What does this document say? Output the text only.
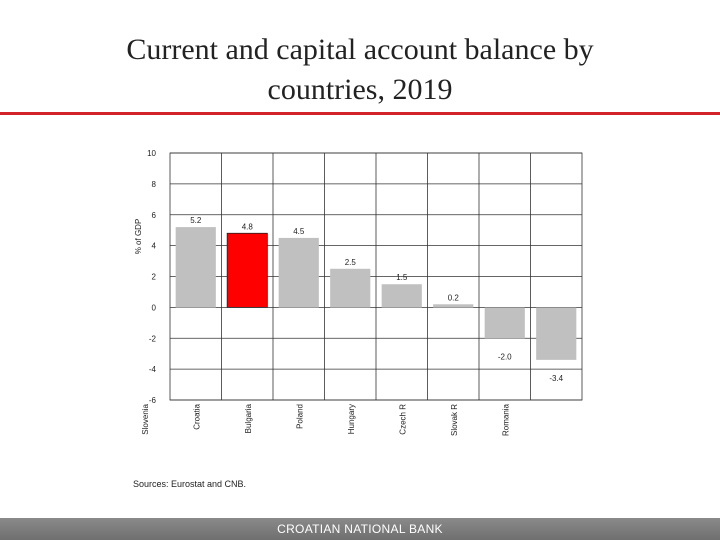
Current and capital account balance by
countries, 2019
10
8
6
4
2
0
-2
-4
-6
% of GDP	5.2
Slovenia
4.8
Croatia
4.5
Bulgaria
2.5
Poland
1.5
Hungary
0.2
Czech R
-2.0
Slovak R
-3.4
Romania
Sources: Eurostat and CNB.
CROATIAN NATIONAL BANK
